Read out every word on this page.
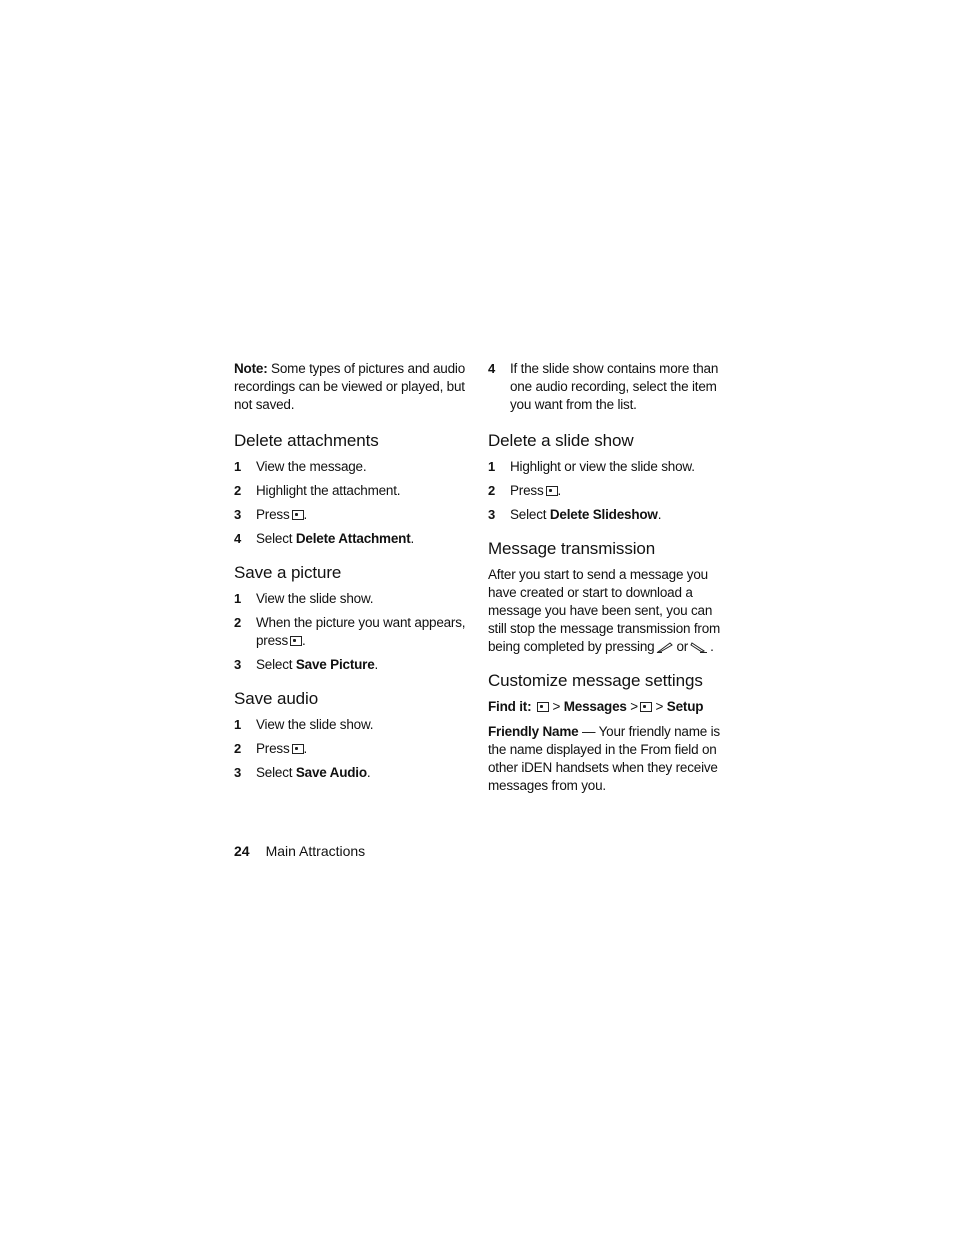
Note: Some types of pictures and audio recordings can be viewed or played, but not saved.

Delete attachments
1 View the message.
2 Highlight the attachment.
3 Press .
4 Select Delete Attachment.
Save a picture
1 View the slide show.
2 When the picture you want appears, press .
3 Select Save Picture.
Save audio
1 View the slide show.
2 Press .
3 Select Save Audio.
4 If the slide show contains more than one audio recording, select the item you want from the list.
Delete a slide show
1 Highlight or view the slide show.
2 Press .
3 Select Delete Slideshow.
Message transmission

After you start to send a message you have created or start to download a message you have been sent, you can still stop the message transmission from being completed by pressing or .

Customize message settings

Find it: > Messages > > Setup

Friendly Name — Your friendly name is the name displayed in the From field on other iDEN handsets when they receive messages from you.

24 Main Attractions
